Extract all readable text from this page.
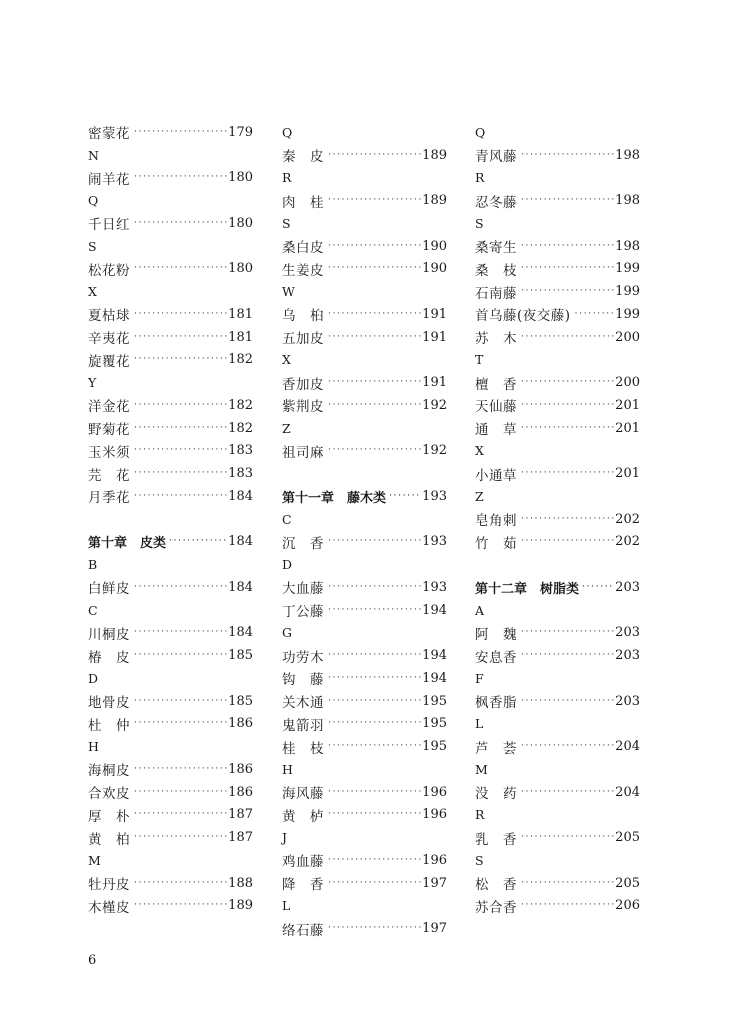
密蒙花 ·····	179
N
闹羊花 ·····	180
Q
千日红 ·····	180
S
松花粉 ·····	180
X
夏枯球 ·····	181
辛夷花 ·····	181
旋覆花 ·····	182
Y
洋金花 ·····	182
野菊花 ·····	182
玉米须 ·····	183
芫　花 ·····	183
月季花 ·····	184
第十章　皮类 ·····	184
B
白鲜皮 ·····	184
C
川桐皮 ·····	184
椿　皮 ·····	185
D
地骨皮 ·····	185
杜　仲 ·····	186
H
海桐皮 ·····	186
合欢皮 ·····	186
厚　朴 ·····	187
黄　柏 ·····	187
M
牡丹皮 ·····	188
木槿皮 ·····	189
Q
秦　皮 ·····	189
R
肉　桂 ·····	189
S
桑白皮 ·····	190
生姜皮 ·····	190
W
乌　桕 ·····	191
五加皮 ·····	191
X
香加皮 ·····	191
紫荆皮 ·····	192
Z
祖司麻 ·····	192
第十一章　藤木类 ·····	193
C
沉　香 ·····	193
D
大血藤 ·····	193
丁公藤 ·····	194
G
功劳木 ·····	194
钩　藤 ·····	194
关木通 ·····	195
鬼箭羽 ·····	195
桂　枝 ·····	195
H
海风藤 ·····	196
黄　栌 ·····	196
J
鸡血藤 ·····	196
降　香 ·····	197
L
络石藤 ·····	197
Q
青风藤 ·····	198
R
忍冬藤 ·····	198
S
桑寄生 ·····	198
桑　枝 ·····	199
石南藤 ·····	199
首乌藤(夜交藤) ·····	199
苏　木 ·····	200
T
檀　香 ·····	200
天仙藤 ·····	201
通　草 ·····	201
X
小通草 ·····	201
Z
皂角刺 ·····	202
竹　茹 ·····	202
第十二章　树脂类 ·····	203
A
阿　魏 ·····	203
安息香 ·····	203
F
枫香脂 ·····	203
L
芦　荟 ·····	204
M
没　药 ·····	204
R
乳　香 ·····	205
S
松　香 ·····	205
苏合香 ·····	206
6
